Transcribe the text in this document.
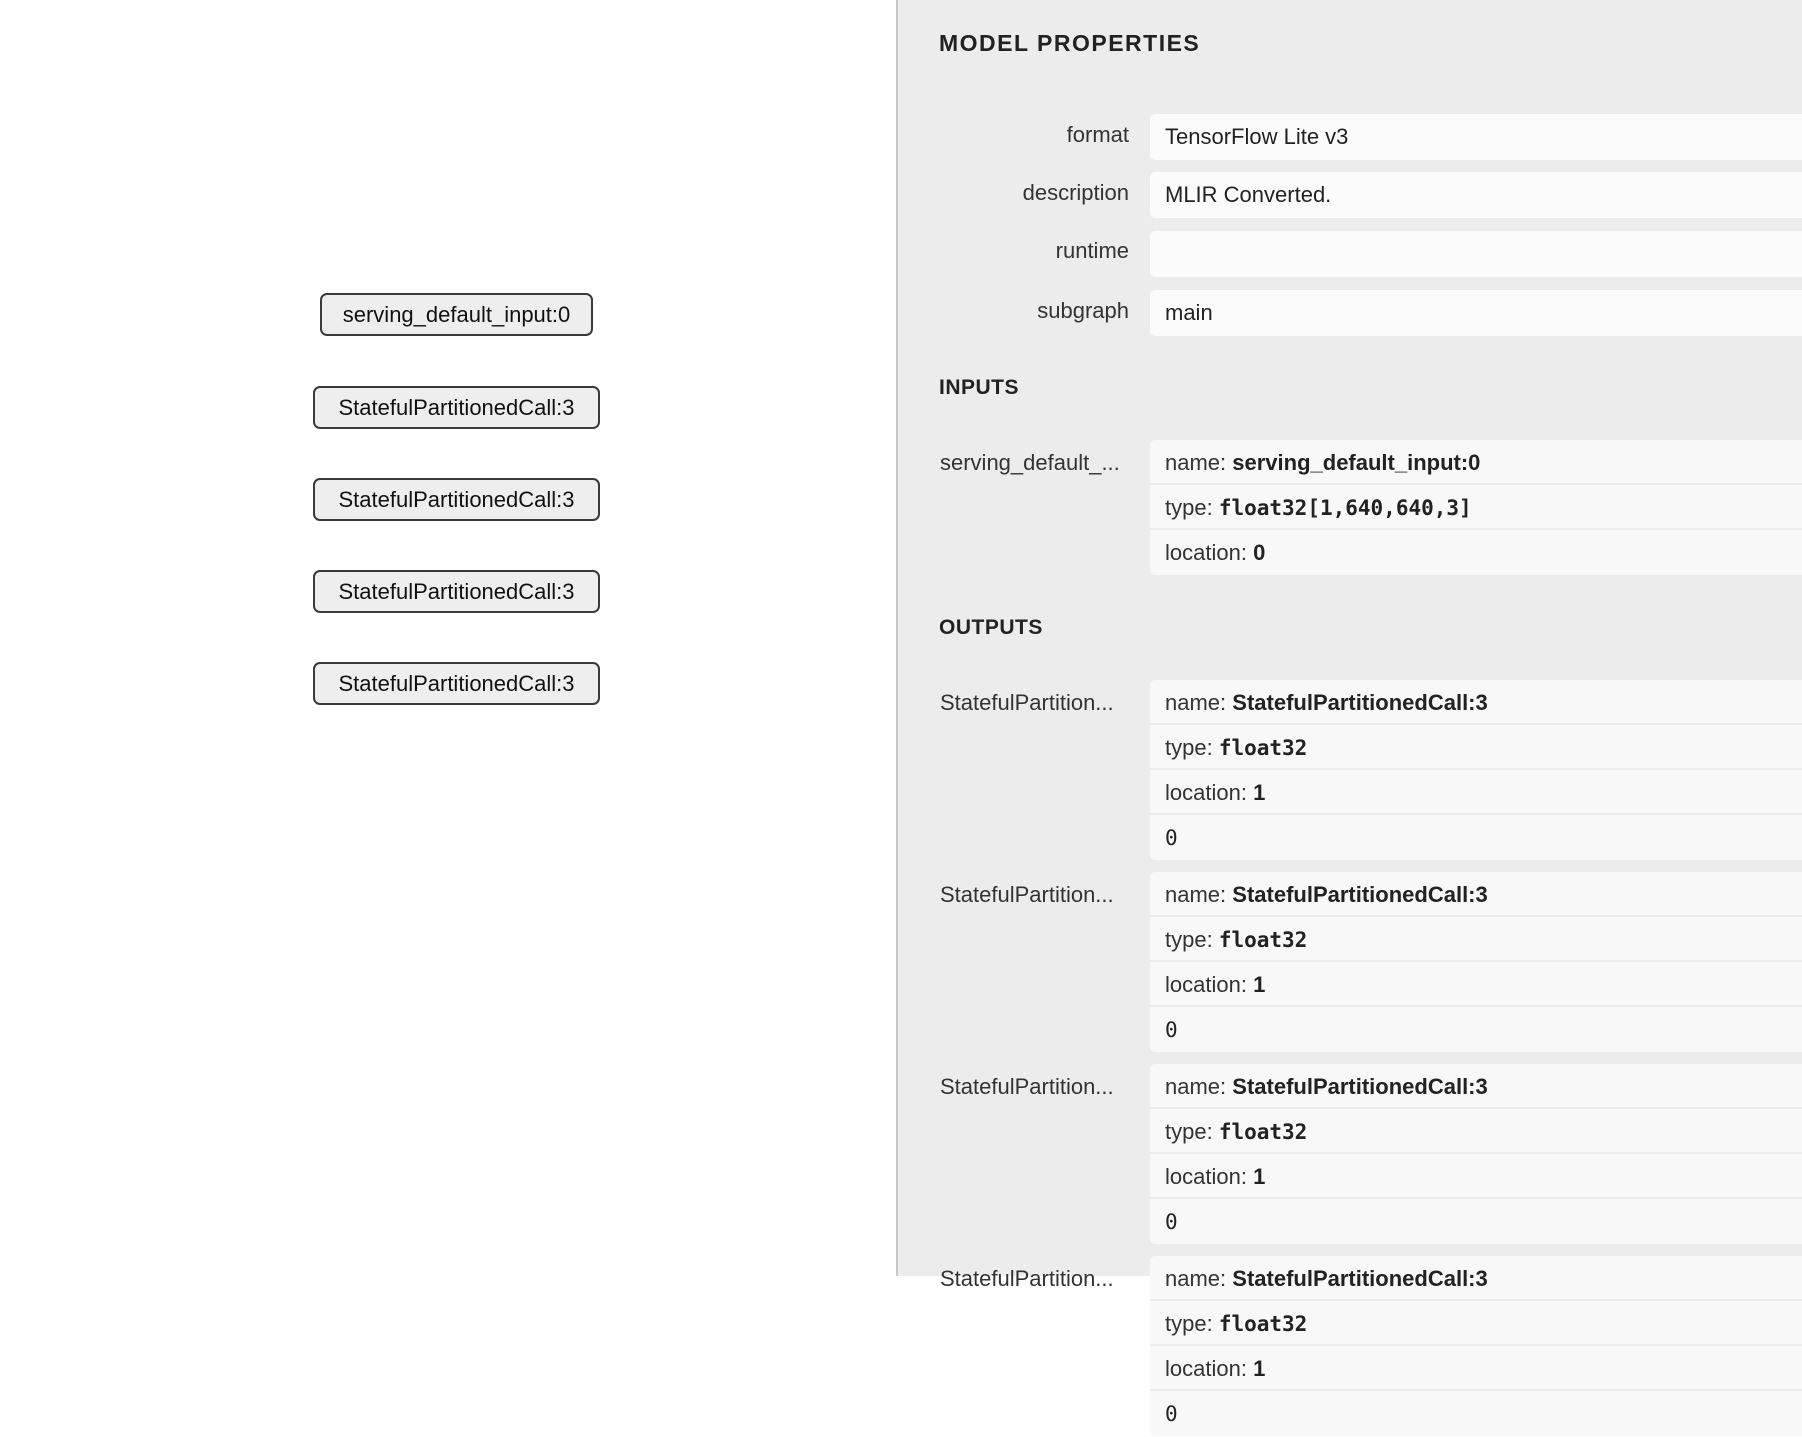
serving_default_input:0
StatefulPartitionedCall:3
StatefulPartitionedCall:3
StatefulPartitionedCall:3
StatefulPartitionedCall:3
MODEL PROPERTIES
format	TensorFlow Lite v3
description	MLIR Converted.
runtime
subgraph	main
INPUTS
serving_default_...	name: serving_default_input:0
type: float32[1,640,640,3]
location: 0
OUTPUTS
StatefulPartition...	name: StatefulPartitionedCall:3
type: float32
location: 1
0
StatefulPartition...	name: StatefulPartitionedCall:3
type: float32
location: 1
0
StatefulPartition...	name: StatefulPartitionedCall:3
type: float32
location: 1
0
StatefulPartition...	name: StatefulPartitionedCall:3
type: float32
location: 1
0
